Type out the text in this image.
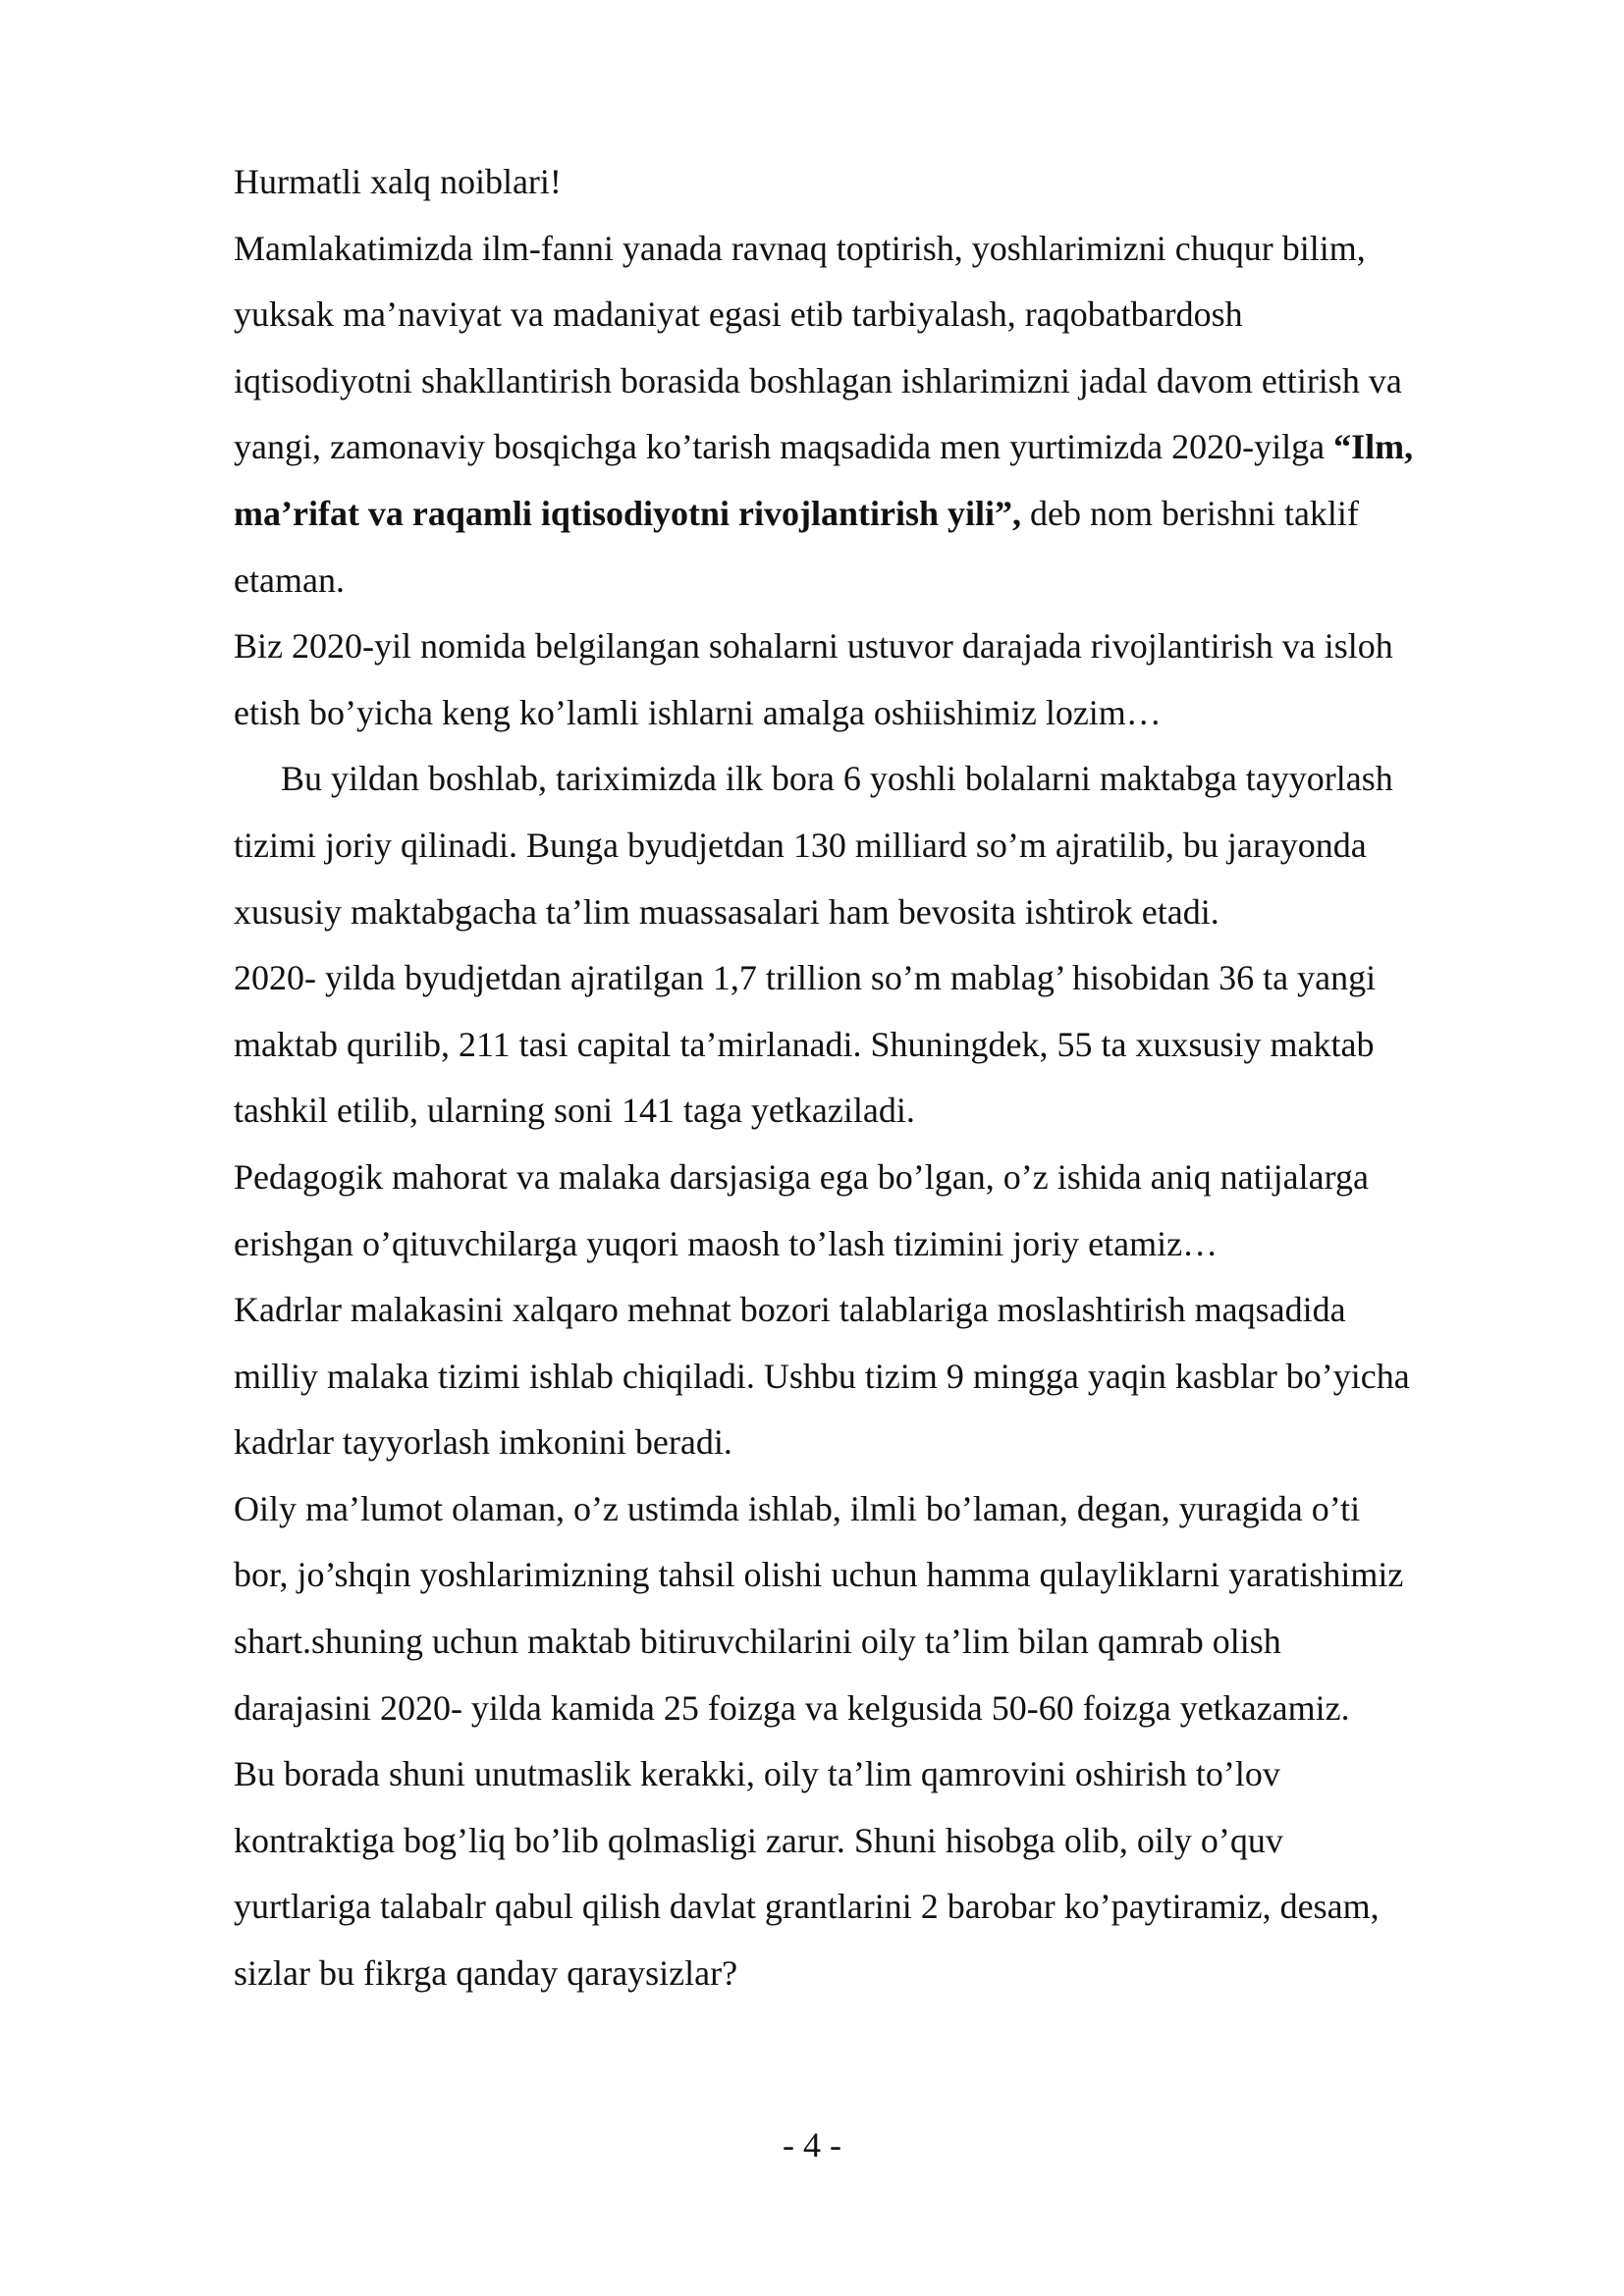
Hurmatli xalq noiblari!

Mamlakatimizda ilm-fanni yanada ravnaq toptirish, yoshlarimizni chuqur bilim,

yuksak ma’naviyat va madaniyat egasi etib tarbiyalash, raqobatbardosh

iqtisodiyotni shakllantirish borasida boshlagan ishlarimizni jadal davom ettirish va

yangi, zamonaviy bosqichga ko’tarish maqsadida men yurtimizda 2020-yilga “Ilm,

ma’rifat va raqamli iqtisodiyotni rivojlantirish yili”, deb nom berishni taklif

etaman.

Biz 2020-yil nomida belgilangan sohalarni ustuvor darajada rivojlantirish va isloh

etish bo’yicha keng ko’lamli ishlarni amalga oshiishimiz lozim…

Bu yildan boshlab, tariximizda ilk bora 6 yoshli bolalarni maktabga tayyorlash

tizimi joriy qilinadi. Bunga byudjetdan 130 milliard so’m ajratilib, bu jarayonda

xususiy maktabgacha ta’lim muassasalari ham bevosita ishtirok etadi.

2020- yilda byudjetdan ajratilgan 1,7 trillion so’m mablag’ hisobidan 36 ta yangi

maktab qurilib, 211 tasi capital ta’mirlanadi. Shuningdek, 55 ta xuxsusiy maktab

tashkil etilib, ularning soni 141 taga yetkaziladi.

Pedagogik mahorat va malaka darsjasiga ega bo’lgan, o’z ishida aniq natijalarga

erishgan o’qituvchilarga yuqori maosh to’lash tizimini joriy etamiz…

Kadrlar malakasini xalqaro mehnat bozori talablariga moslashtirish maqsadida

milliy malaka tizimi ishlab chiqiladi. Ushbu tizim 9 mingga yaqin kasblar bo’yicha

kadrlar tayyorlash imkonini beradi.

Oily ma’lumot olaman, o’z ustimda ishlab, ilmli bo’laman, degan, yuragida o’ti

bor, jo’shqin yoshlarimizning tahsil olishi uchun hamma qulayliklarni yaratishimiz

shart.shuning uchun maktab bitiruvchilarini oily ta’lim bilan qamrab olish

darajasini 2020- yilda kamida 25 foizga va kelgusida 50-60 foizga yetkazamiz.

Bu borada shuni unutmaslik kerakki, oily ta’lim qamrovini oshirish to’lov

kontraktiga bog’liq bo’lib qolmasligi zarur. Shuni hisobga olib, oily o’quv

yurtlariga talabalr qabul qilish davlat grantlarini 2 barobar ko’paytiramiz, desam,

sizlar bu fikrga qanday qaraysizlar?

- 4 -
